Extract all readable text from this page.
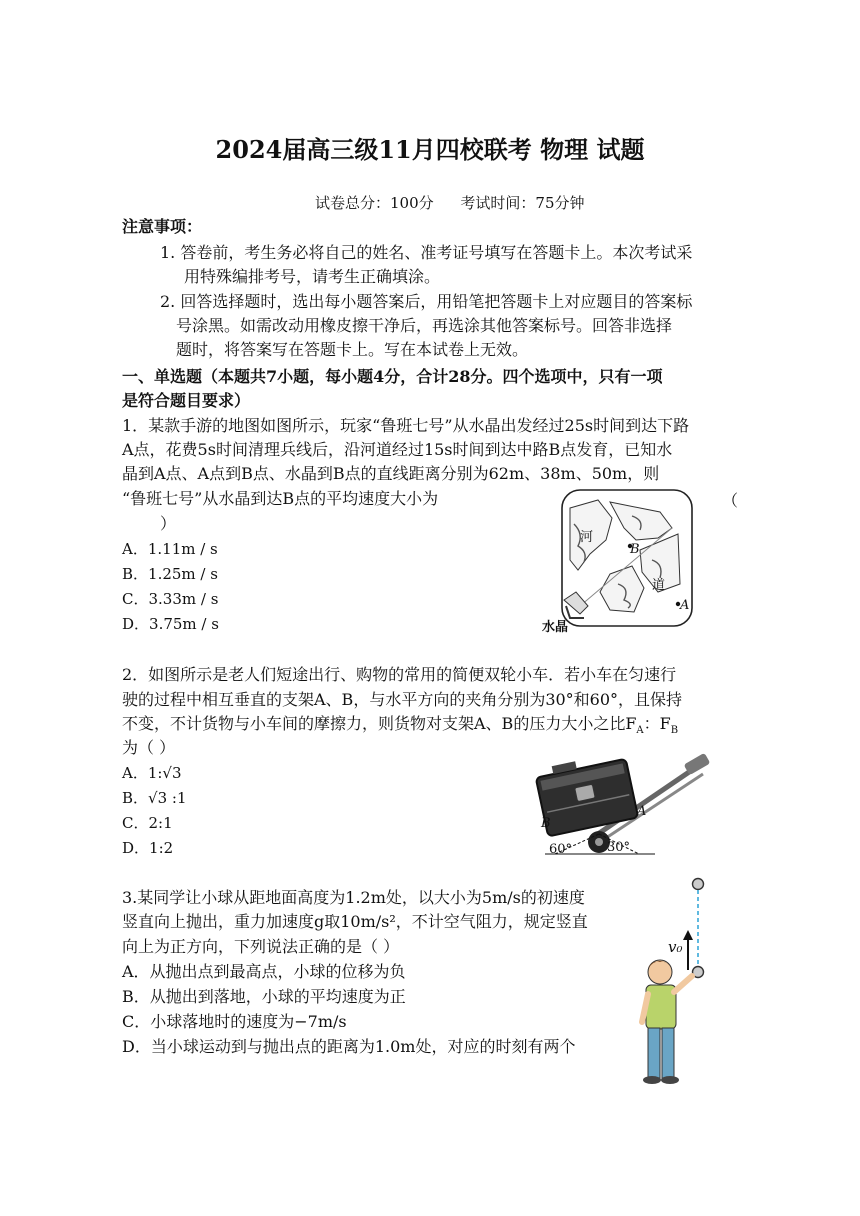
2024届高三级11月四校联考 物理 试题
试卷总分：100分 考试时间：75分钟
注意事项：
1. 答卷前，考生务必将自己的姓名、准考证号填写在答题卡上。本次考试采
用特殊编排考号，请考生正确填涂。
2. 回答选择题时，选出每小题答案后，用铅笔把答题卡上对应题目的答案标
号涂黑。如需改动用橡皮擦干净后，再选涂其他答案标号。回答非选择
题时，将答案写在答题卡上。写在本试卷上无效。
一、单选题（本题共7小题，每小题4分，合计28分。四个选项中，只有一项
是符合题目要求）
1．某款手游的地图如图所示，玩家“鲁班七号”从水晶出发经过25s时间到达下路
A点，花费5s时间清理兵线后，沿河道经过15s时间到达中路B点发育，已知水
晶到A点、A点到B点、水晶到B点的直线距离分别为62m、38m、50m，则
“鲁班七号”从水晶到达B点的平均速度大小为	（
）
A．1.11m / s
B．1.25m / s
C．3.33m / s
D．3.75m / s
河
道
B
A
水晶
2．如图所示是老人们短途出行、购物的常用的简便双轮小车．若小车在匀速行
驶的过程中相互垂直的支架A、B，与水平方向的夹角分别为30°和60°，且保持
不变，不计货物与小车间的摩擦力，则货物对支架A、B的压力大小之比$F_A$：$F_B$
为（ ）
A．1:√3
B．√3 :1
C．2:1
D．1:2
A
B
60°	30°
3.某同学让小球从距地面高度为1.2m处，以大小为5m/s的初速度
竖直向上抛出，重力加速度g取10m/s²，不计空气阻力，规定竖直
向上为正方向，下列说法正确的是（ ）
A．从抛出点到最高点，小球的位移为负
B．从抛出到落地，小球的平均速度为正
C．小球落地时的速度为−7m/s
D．当小球运动到与抛出点的距离为1.0m处，对应的时刻有两个
v₀
